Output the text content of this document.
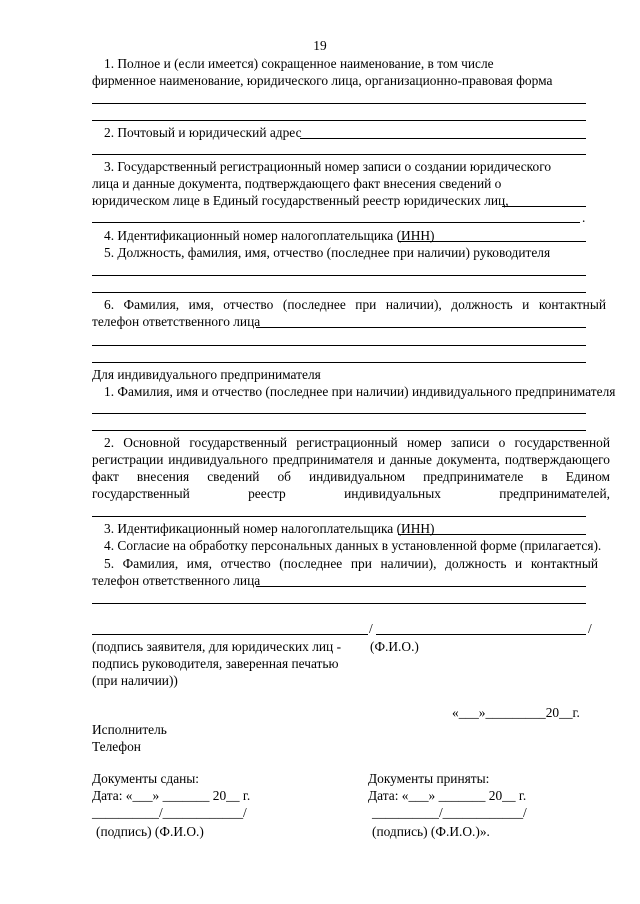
19
1. Полное и (если имеется) сокращенное наименование, в том числе
фирменное наименование, юридического лица, организационно-правовая форма
2. Почтовый и юридический адрес
3. Государственный регистрационный номер записи о создании юридического
лица и данные документа, подтверждающего факт внесения сведений о
юридическом лице в Единый государственный реестр юридических лиц,
.
4. Идентификационный номер налогоплательщика (ИНН)
5. Должность, фамилия, имя, отчество (последнее при наличии) руководителя
6. Фамилия, имя, отчество (последнее при наличии), должность и контактный
телефон ответственного лица
Для индивидуального предпринимателя
1. Фамилия, имя и отчество (последнее при наличии) индивидуального предпринимателя
2. Основной государственный регистрационный номер записи о государственной
регистрации индивидуального предпринимателя и данные документа, подтверждающего
факт внесения сведений об индивидуальном предпринимателе в Едином
государственный реестр индивидуальных предпринимателей,
3. Идентификационный номер налогоплательщика (ИНН)
4. Согласие на обработку персональных данных в установленной форме (прилагается).
5. Фамилия, имя, отчество (последнее при наличии), должность и контактный
телефон ответственного лица
/	/
(подпись заявителя, для юридических лиц -
подпись руководителя, заверенная печатью
(при наличии))
(Ф.И.О.)
«___»_________20__г.
Исполнитель
Телефон
Документы сданы:
Дата: «___» _______ 20__ г.
__________/____________/
(подпись) (Ф.И.О.)
Документы приняты:
Дата: «___» _______ 20__ г.
__________/____________/
(подпись) (Ф.И.О.)».
